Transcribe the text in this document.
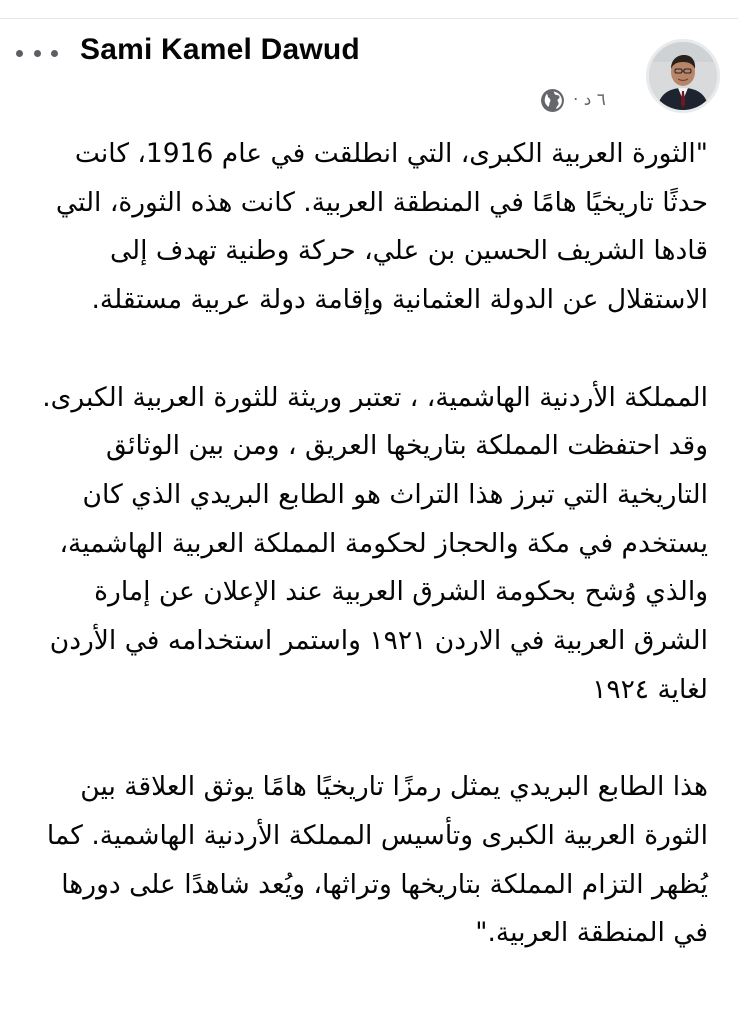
Sami Kamel Dawud
٦ د ·

"الثورة العربية الكبرى، التي انطلقت في عام 1916، كانت حدثًا تاريخيًا هامًا في المنطقة العربية. كانت هذه الثورة، التي قادها الشريف الحسين بن علي، حركة وطنية تهدف إلى الاستقلال عن الدولة العثمانية وإقامة دولة عربية مستقلة.

المملكة الأردنية الهاشمية، ، تعتبر وريثة للثورة العربية الكبرى. وقد احتفظت المملكة بتاريخها العريق ، ومن بين الوثائق التاريخية التي تبرز هذا التراث هو الطابع البريدي الذي كان يستخدم في مكة والحجاز لحكومة المملكة العربية الهاشمية، والذي وُشح بحكومة الشرق العربية عند الإعلان عن إمارة الشرق العربية في الاردن ١٩٢١ واستمر استخدامه في الأردن لغاية ١٩٢٤

هذا الطابع البريدي يمثل رمزًا تاريخيًا هامًا يوثق العلاقة بين الثورة العربية الكبرى وتأسيس المملكة الأردنية الهاشمية. كما يُظهر التزام المملكة بتاريخها وتراثها، ويُعد شاهدًا على دورها في المنطقة العربية."
